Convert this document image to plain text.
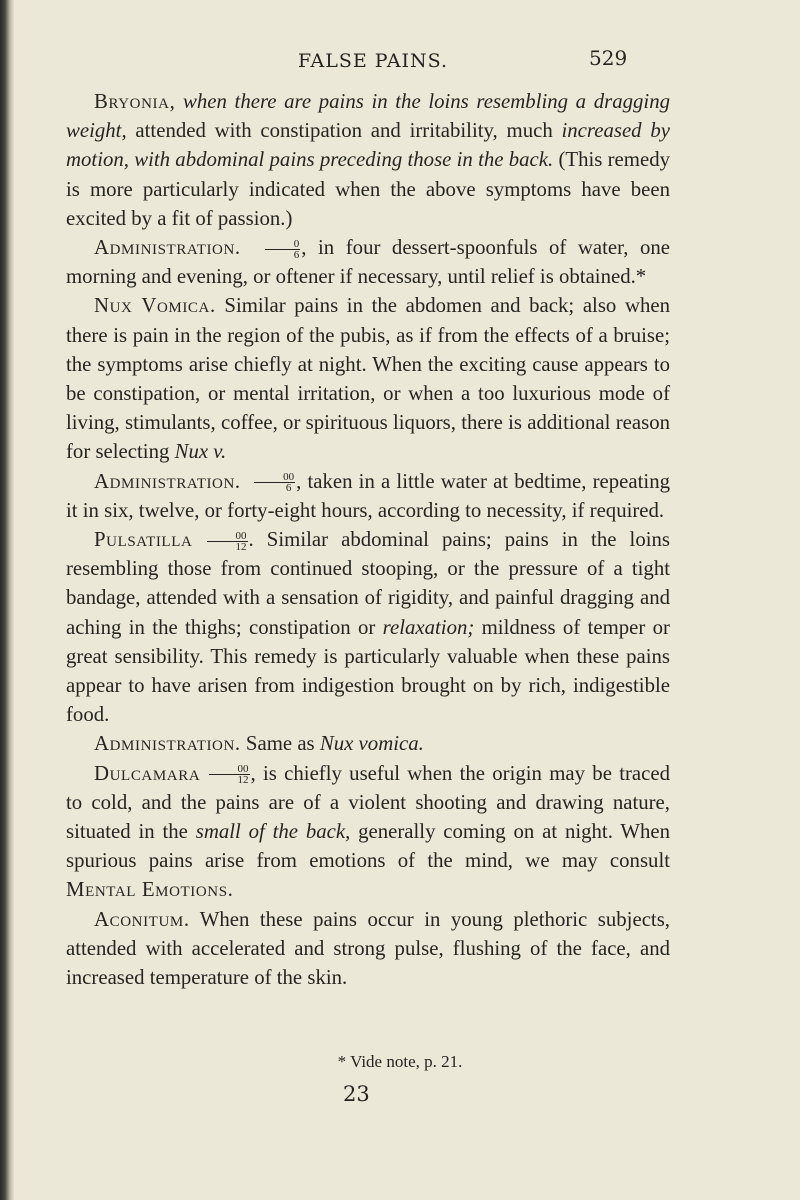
FALSE PAINS.	529

Bryonia, when there are pains in the loins resembling a dragging weight, attended with constipation and irritability, much increased by motion, with abdominal pains preceding those in the back. (This remedy is more particularly indicated when the above symptoms have been excited by a fit of passion.)

Administration. $\frac{0}{6}$ , in four dessert-spoonfuls of water, one morning and evening, or oftener if necessary, until relief is obtained.*

Nux Vomica. Similar pains in the abdomen and back; also when there is pain in the region of the pubis, as if from the effects of a bruise; the symptoms arise chiefly at night. When the exciting cause appears to be constipation, or mental irritation, or when a too luxurious mode of living, stimulants, coffee, or spirituous liquors, there is additional reason for selecting Nux v.

Administration. $\frac{00}{6}$ , taken in a little water at bedtime, repeating it in six, twelve, or forty-eight hours, according to necessity, if required.

Pulsatilla $\frac{00}{12}$ . Similar abdominal pains; pains in the loins resembling those from continued stooping, or the pressure of a tight bandage, attended with a sensation of rigidity, and painful dragging and aching in the thighs; constipation or relaxation; mildness of temper or great sensibility. This remedy is particularly valuable when these pains appear to have arisen from indigestion brought on by rich, indigestible food.

Administration. Same as Nux vomica.

Dulcamara $\frac{00}{12}$ , is chiefly useful when the origin may be traced to cold, and the pains are of a violent shooting and drawing nature, situated in the small of the back, generally coming on at night. When spurious pains arise from emotions of the mind, we may consult Mental Emotions.

Aconitum. When these pains occur in young plethoric subjects, attended with accelerated and strong pulse, flushing of the face, and increased temperature of the skin.

* Vide note, p. 21.
23
